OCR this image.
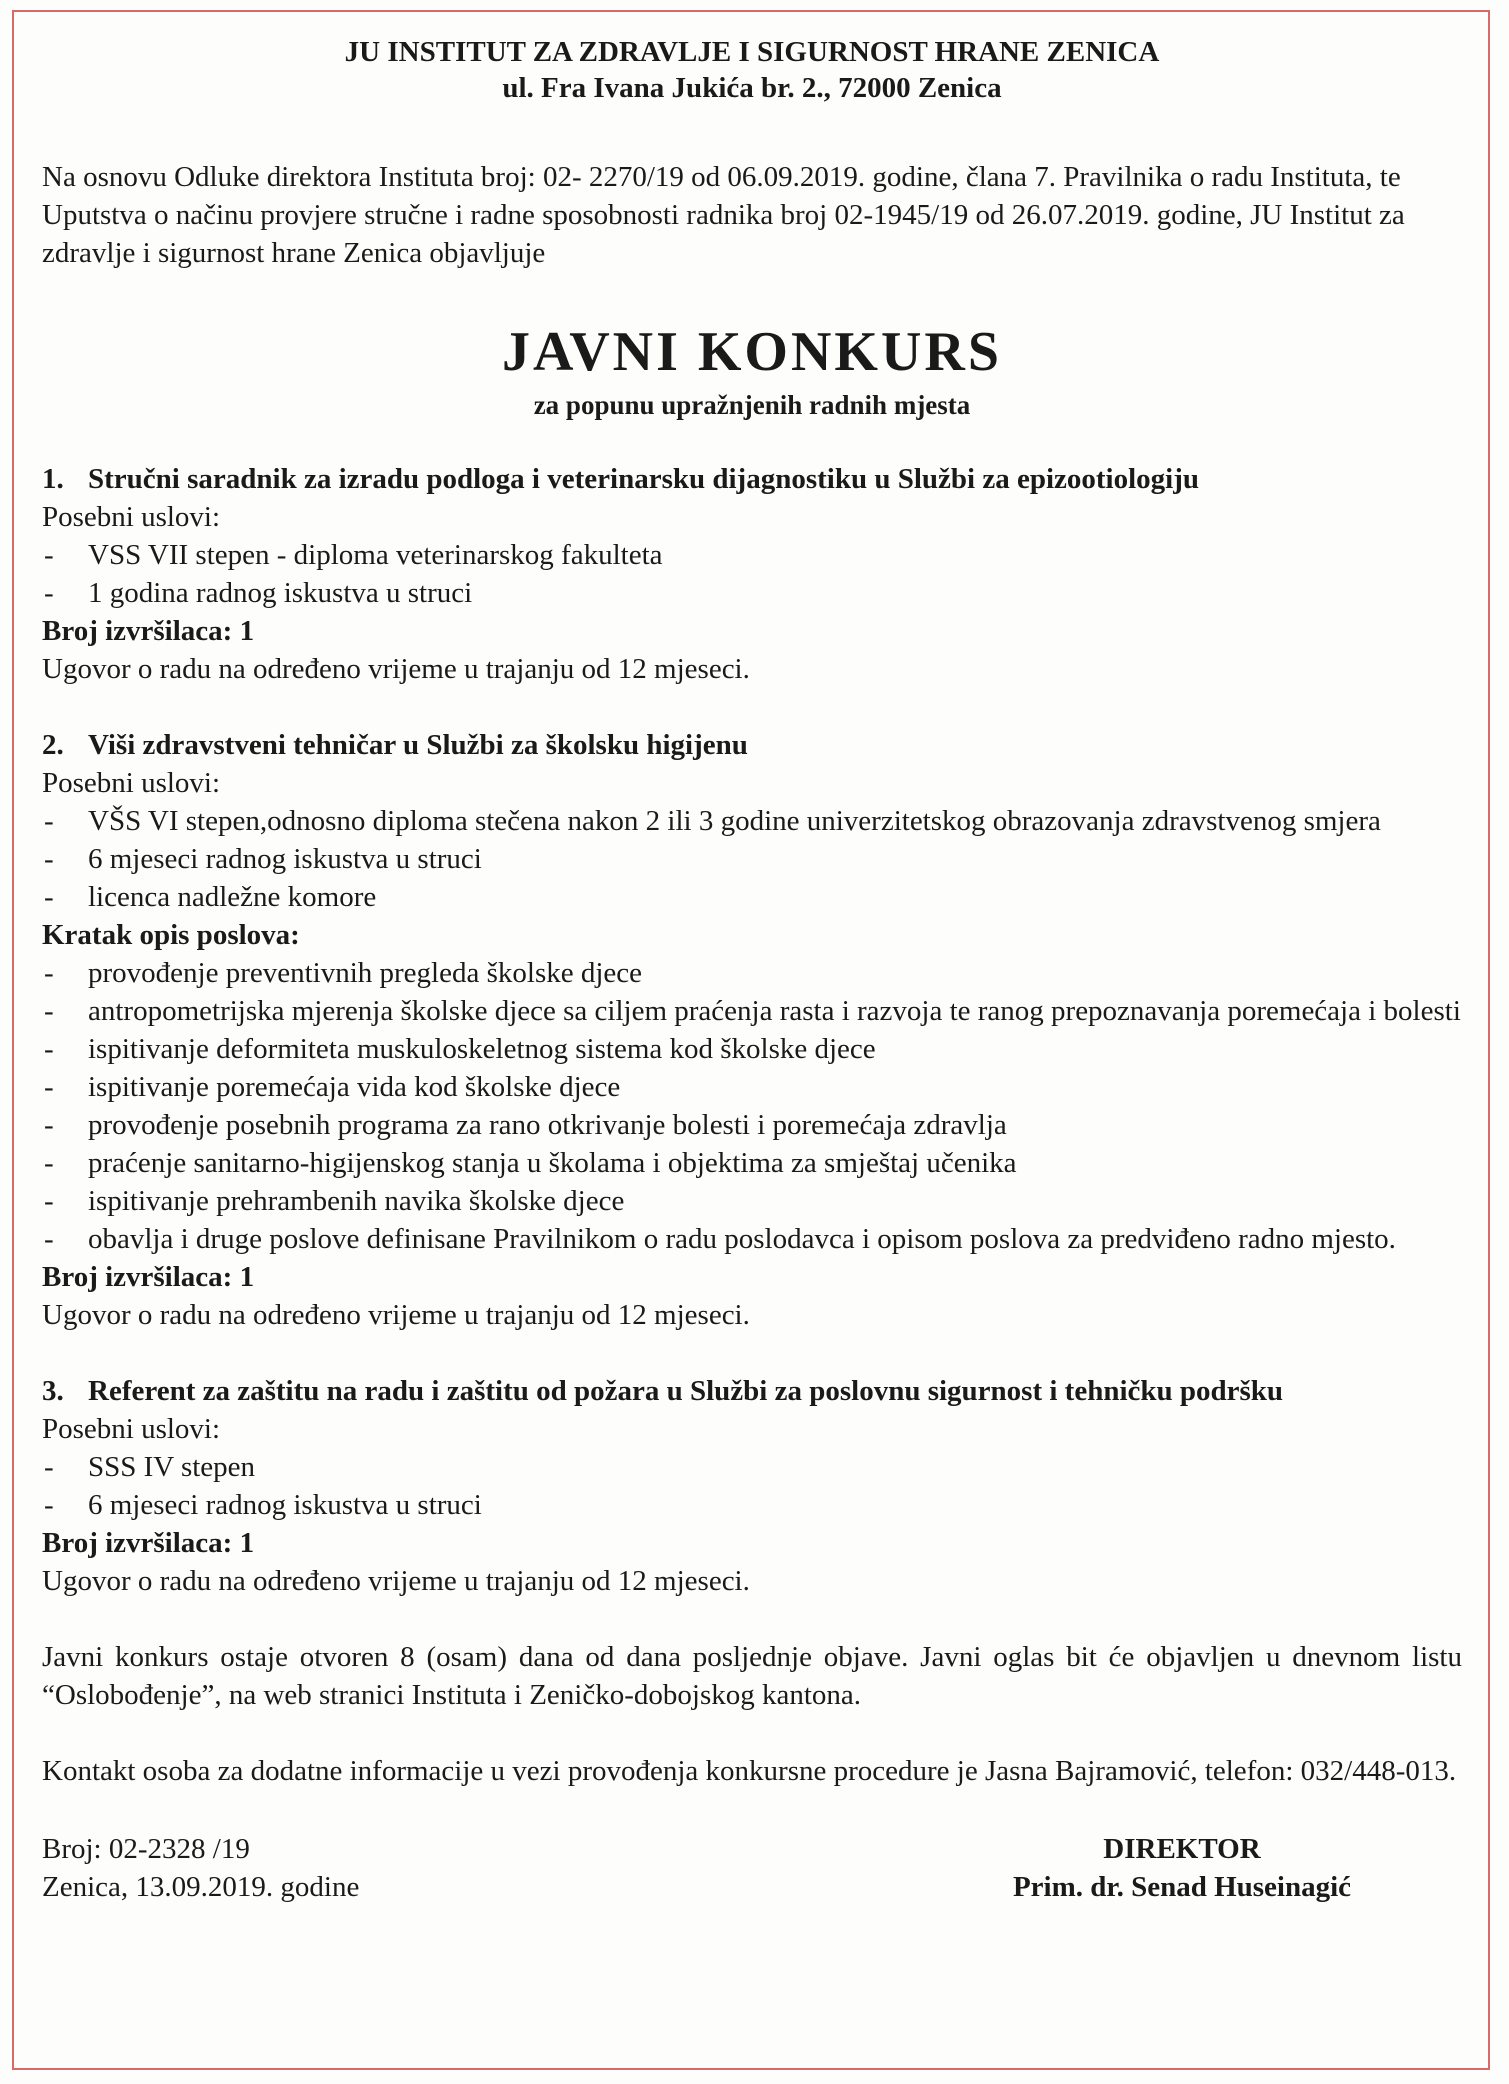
JU INSTITUT ZA ZDRAVLJE I SIGURNOST HRANE ZENICA
ul. Fra Ivana Jukića br. 2., 72000 Zenica
Na osnovu Odluke direktora Instituta broj: 02- 2270/19 od 06.09.2019. godine, člana 7. Pravilnika o radu Instituta, te Uputstva o načinu provjere stručne i radne sposobnosti radnika broj 02-1945/19 od 26.07.2019. godine, JU Institut za zdravlje i sigurnost hrane Zenica objavljuje
JAVNI KONKURS
za popunu upražnjenih radnih mjesta
1. Stručni saradnik za izradu podloga i veterinarsku dijagnostiku u Službi za epizootiologiju
Posebni uslovi:
- VSS VII stepen - diploma veterinarskog fakulteta
- 1 godina radnog iskustva u struci
Broj izvršilaca: 1
Ugovor o radu na određeno vrijeme u trajanju od 12 mjeseci.
2. Viši zdravstveni tehničar u Službi za školsku higijenu
Posebni uslovi:
- VŠS VI stepen,odnosno diploma stečena nakon 2 ili 3 godine univerzitetskog obrazovanja zdravstvenog smjera
- 6 mjeseci radnog iskustva u struci
- licenca nadležne komore
Kratak opis poslova:
- provođenje preventivnih pregleda školske djece
- antropometrijska mjerenja školske djece sa ciljem praćenja rasta i razvoja te ranog prepoznavanja poremećaja i bolesti
- ispitivanje deformiteta muskuloskeletnog sistema kod školske djece
- ispitivanje poremećaja vida kod školske djece
- provođenje posebnih programa za rano otkrivanje bolesti i poremećaja zdravlja
- praćenje sanitarno-higijenskog stanja u školama i objektima za smještaj učenika
- ispitivanje prehrambenih navika školske djece
- obavlja i druge poslove definisane Pravilnikom o radu poslodavca i opisom poslova za predviđeno radno mjesto.
Broj izvršilaca: 1
Ugovor o radu na određeno vrijeme u trajanju od 12 mjeseci.
3. Referent za zaštitu na radu i zaštitu od požara u Službi za poslovnu sigurnost i tehničku podršku
Posebni uslovi:
- SSS IV stepen
- 6 mjeseci radnog iskustva u struci
Broj izvršilaca: 1
Ugovor o radu na određeno vrijeme u trajanju od 12 mjeseci.
Javni konkurs ostaje otvoren 8 (osam) dana od dana posljednje objave. Javni oglas bit će objavljen u dnevnom listu “Oslobođenje”, na web stranici Instituta i Zeničko-dobojskog kantona.
Kontakt osoba za dodatne informacije u vezi provođenja konkursne procedure je Jasna Bajramović, telefon: 032/448-013.
Broj: 02-2328 /19
Zenica, 13.09.2019. godine
DIREKTOR
Prim. dr. Senad Huseinagić
